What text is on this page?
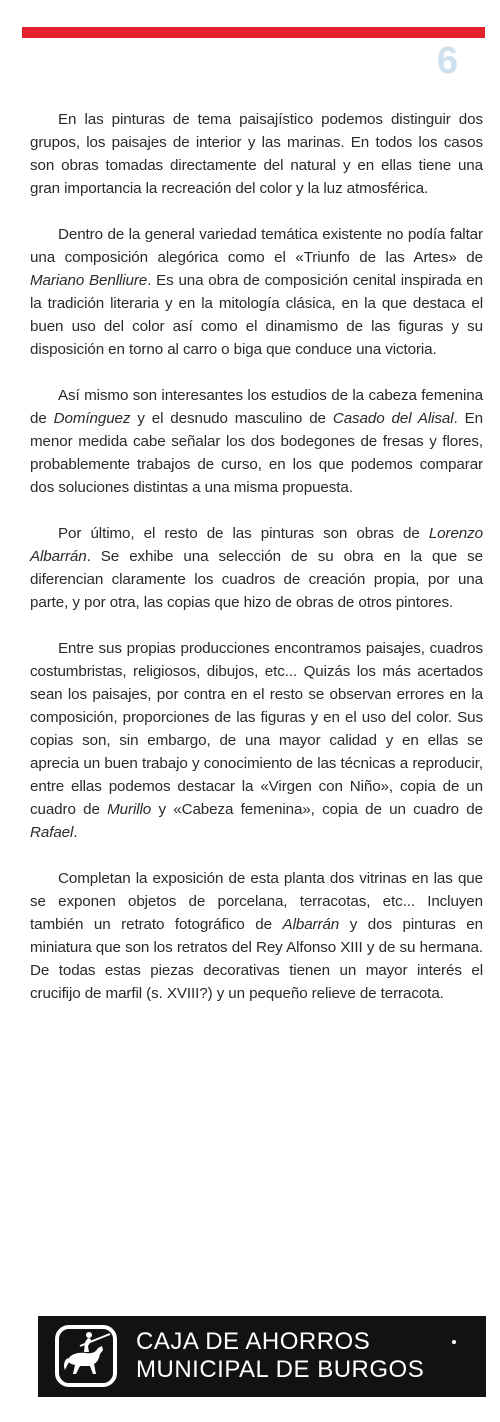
6

En las pinturas de tema paisajístico podemos distinguir dos grupos, los paisajes de interior y las marinas. En todos los casos son obras tomadas directamente del natural y en ellas tiene una gran importancia la recreación del color y la luz atmosférica.

Dentro de la general variedad temática existente no podía faltar una composición alegórica como el «Triunfo de las Artes» de Mariano Benlliure. Es una obra de composición cenital inspirada en la tradición literaria y en la mitología clásica, en la que destaca el buen uso del color así como el dinamismo de las figuras y su disposición en torno al carro o biga que conduce una victoria.

Así mismo son interesantes los estudios de la cabeza femenina de Domínguez y el desnudo masculino de Casado del Alisal. En menor medida cabe señalar los dos bodegones de fresas y flores, probablemente trabajos de curso, en los que podemos comparar dos soluciones distintas a una misma propuesta.

Por último, el resto de las pinturas son obras de Lorenzo Albarrán. Se exhibe una selección de su obra en la que se diferencian claramente los cuadros de creación propia, por una parte, y por otra, las copias que hizo de obras de otros pintores.

Entre sus propias producciones encontramos paisajes, cuadros costumbristas, religiosos, dibujos, etc... Quizás los más acertados sean los paisajes, por contra en el resto se observan errores en la composición, proporciones de las figuras y en el uso del color. Sus copias son, sin embargo, de una mayor calidad y en ellas se aprecia un buen trabajo y conocimiento de las técnicas a reproducir, entre ellas podemos destacar la «Virgen con Niño», copia de un cuadro de Murillo y «Cabeza femenina», copia de un cuadro de Rafael.

Completan la exposición de esta planta dos vitrinas en las que se exponen objetos de porcelana, terracotas, etc... Incluyen también un retrato fotográfico de Albarrán y dos pinturas en miniatura que son los retratos del Rey Alfonso XIII y de su hermana. De todas estas piezas decorativas tienen un mayor interés el crucifijo de marfil (s. XVIII?) y un pequeño relieve de terracota.

CAJA DE AHORROS
MUNICIPAL DE BURGOS
